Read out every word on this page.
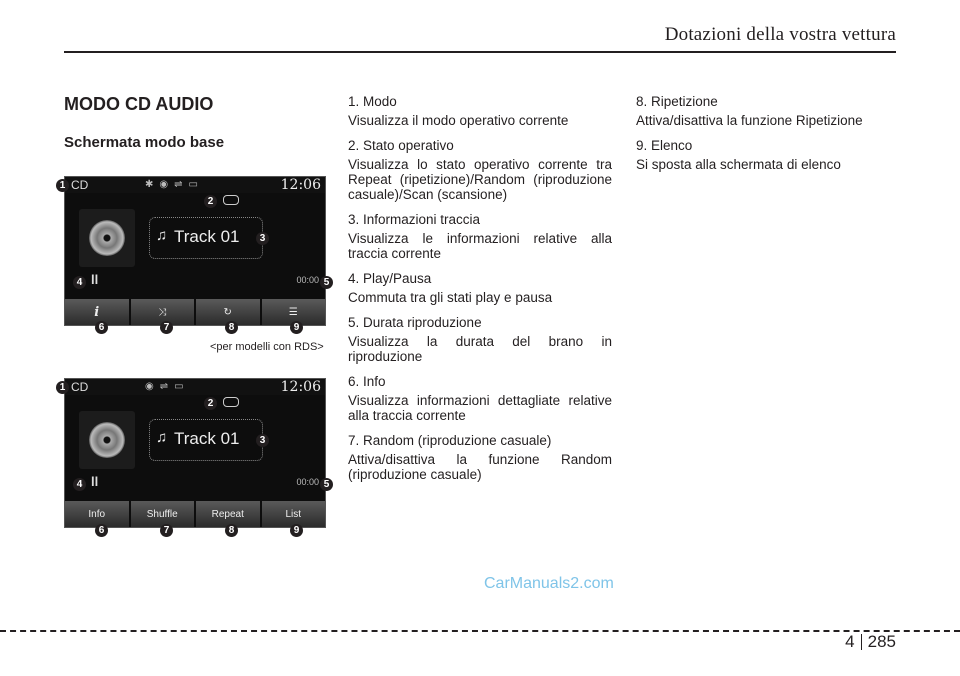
Dotazioni della vostra vettura
MODO CD AUDIO
Schermata modo base
CD	✱◉⇌▭	12:06
♫ Track 01
ll	00:00
i	⤨	↻	☰
CD	◉⇌▭	12:06
♫ Track 01
ll	00:00
Info	Shuffle	Repeat	List
1
2
3
4	5
6	7	8	9
<per modelli con RDS>
1
2
3
4	5
6	7	8	9
1. Modo
Visualizza il modo operativo corrente
2. Stato operativo
Visualizza lo stato operativo corrente tra Repeat (ripetizione)/Random (riproduzione casuale)/Scan (scansione)
3. Informazioni traccia
Visualizza le informazioni relative alla traccia corrente
4. Play/Pausa
Commuta tra gli stati play e pausa
5. Durata riproduzione
Visualizza la durata del brano in riproduzione
6. Info
Visualizza informazioni dettagliate relative alla traccia corrente
7. Random (riproduzione casuale)
Attiva/disattiva la funzione Random (riproduzione casuale)
8. Ripetizione
Attiva/disattiva la funzione Ripetizione
9. Elenco
Si sposta alla schermata di elenco
CarManuals2.com
4 285
